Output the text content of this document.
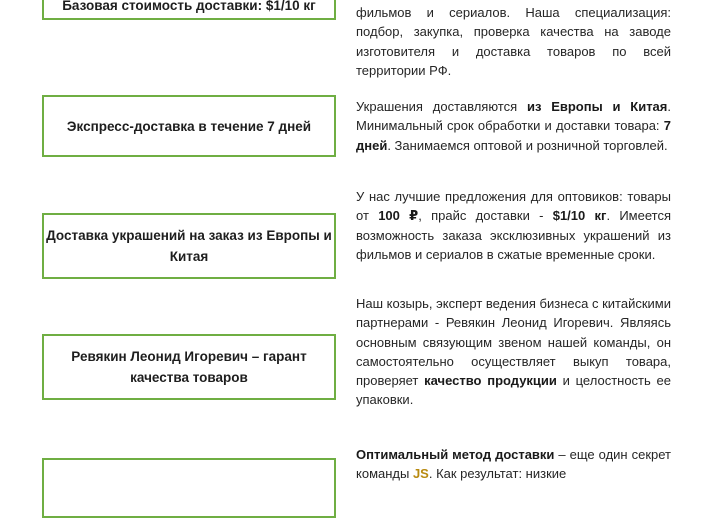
Базовая стоимость доставки: $1/10 кг
Экспресс-доставка в течение 7 дней
Доставка украшений на заказ из Европы и Китая
Ревякин Леонид Игоревич – гарант качества товаров
фильмов и сериалов. Наша специализация: подбор, закупка, проверка качества на заводе изготовителя и доставка товаров по всей территории РФ.
Украшения доставляются из Европы и Китая. Минимальный срок обработки и доставки товара: 7 дней. Занимаемся оптовой и розничной торговлей.
У нас лучшие предложения для оптовиков: товары от 100 ₽, прайс доставки - $1/10 кг. Имеется возможность заказа эксклюзивных украшений из фильмов и сериалов в сжатые временные сроки.
Наш козырь, эксперт ведения бизнеса с китайскими партнерами - Ревякин Леонид Игоревич. Являясь основным связующим звеном нашей команды, он самостоятельно осуществляет выкуп товара, проверяет качество продукции и целостность ее упаковки.
Оптимальный метод доставки – еще один секрет команды JS. Как результат: низкие
